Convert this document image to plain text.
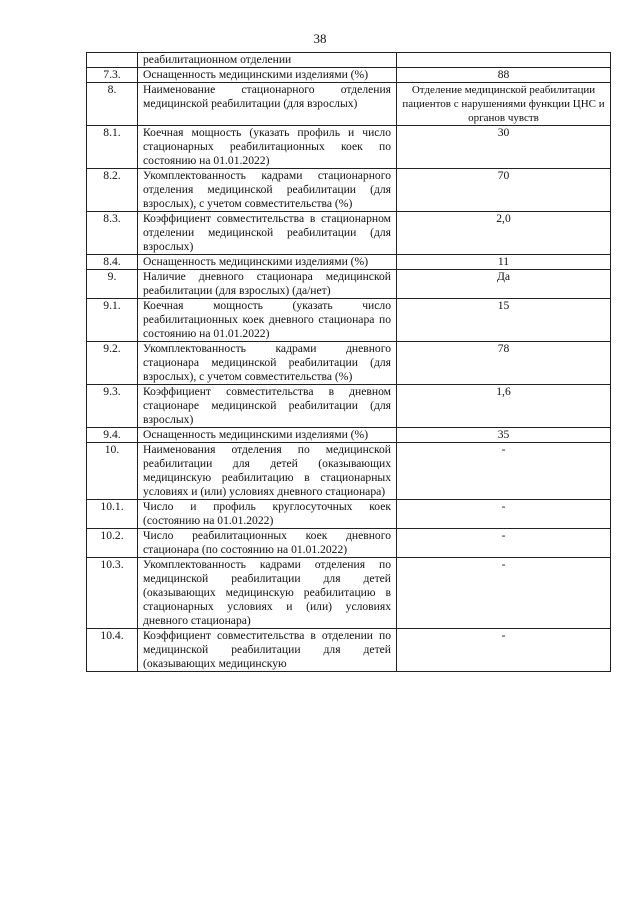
38
	реабилитационном отделении	
7.3.	Оснащенность медицинскими изделиями (%)	88
8.	Наименование стационарного отделения медицинской реабилитации (для взрослых)	Отделение медицинской реабилитации пациентов с нарушениями функции ЦНС и органов чувств
8.1.	Коечная мощность (указать профиль и число стационарных реабилитационных коек по состоянию на 01.01.2022)	30
8.2.	Укомплектованность кадрами стационарного отделения медицинской реабилитации (для взрослых), с учетом совместительства (%)	70
8.3.	Коэффициент совместительства в стационарном отделении медицинской реабилитации (для взрослых)	2,0
8.4.	Оснащенность медицинскими изделиями (%)	11
9.	Наличие дневного стационара медицинской реабилитации (для взрослых) (да/нет)	Да
9.1.	Коечная мощность (указать число реабилитационных коек дневного стационара по состоянию на 01.01.2022)	15
9.2.	Укомплектованность кадрами дневного стационара медицинской реабилитации (для взрослых), с учетом совместительства (%)	78
9.3.	Коэффициент совместительства в дневном стационаре медицинской реабилитации (для взрослых)	1,6
9.4.	Оснащенность медицинскими изделиями (%)	35
10.	Наименования отделения по медицинской реабилитации для детей (оказывающих медицинскую реабилитацию в стационарных условиях и (или) условиях дневного стационара)	-
10.1.	Число и профиль круглосуточных коек (состоянию на 01.01.2022)	-
10.2.	Число реабилитационных коек дневного стационара (по состоянию на 01.01.2022)	-
10.3.	Укомплектованность кадрами отделения по медицинской реабилитации для детей (оказывающих медицинскую реабилитацию в стационарных условиях и (или) условиях дневного стационара)	-
10.4.	Коэффициент совместительства в отделении по медицинской реабилитации для детей (оказывающих медицинскую	-
